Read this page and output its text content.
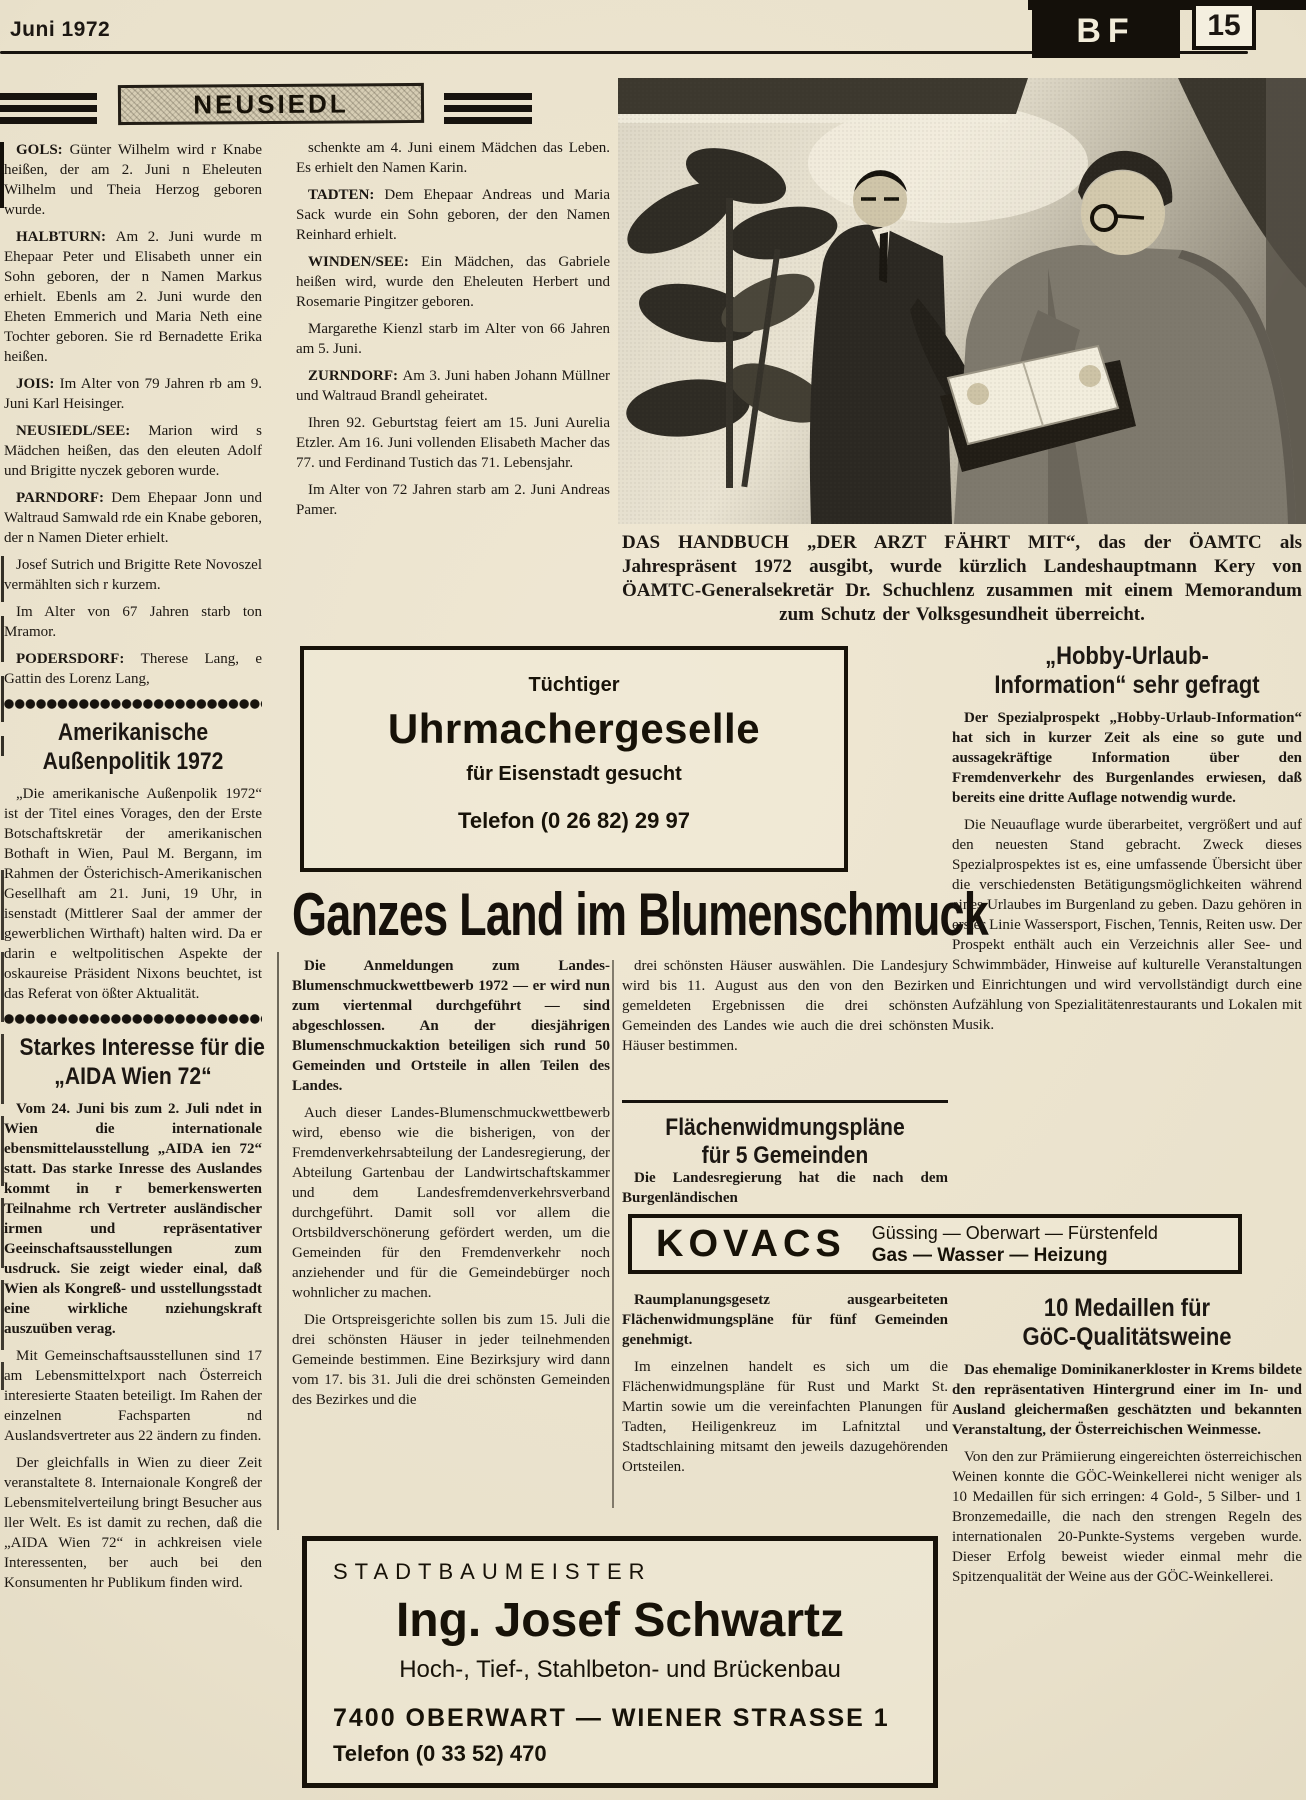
Juni 1972	BF	15
NEUSIEDL
DAS HANDBUCH „DER ARZT FÄHRT MIT“, das der ÖAMTC als Jahrespräsent 1972 ausgibt, wurde kürzlich Landeshauptmann Kery von ÖAMTC-Generalsekretär Dr. Schuchlenz zusammen mit einem Memorandum zum Schutz der Volksgesundheit überreicht.

GOLS: Günter Wilhelm wird r Knabe heißen, der am 2. Juni n Eheleuten Wilhelm und Theia Herzog geboren wurde.

HALBTURN: Am 2. Juni wurde m Ehepaar Peter und Elisabeth unner ein Sohn geboren, der n Namen Markus erhielt. Ebenls am 2. Juni wurde den Eheten Emmerich und Maria Neth eine Tochter geboren. Sie rd Bernadette Erika heißen.

JOIS: Im Alter von 79 Jahren rb am 9. Juni Karl Heisinger.

NEUSIEDL/SEE: Marion wird s Mädchen heißen, das den eleuten Adolf und Brigitte nyczek geboren wurde.

PARNDORF: Dem Ehepaar Jonn und Waltraud Samwald rde ein Knabe geboren, der n Namen Dieter erhielt.

Josef Sutrich und Brigitte Rete Novoszel vermählten sich r kurzem.

Im Alter von 67 Jahren starb ton Mramor.

PODERSDORF: Therese Lang, e Gattin des Lorenz Lang,

Amerikanische
Außenpolitik 1972

„Die amerikanische Außenpolik 1972“ ist der Titel eines Vorages, den der Erste Botschaftskretär der amerikanischen Bothaft in Wien, Paul M. Bergann, im Rahmen der Österichisch-Amerikanischen Gesellhaft am 21. Juni, 19 Uhr, in isenstadt (Mittlerer Saal der ammer der gewerblichen Wirthaft) halten wird. Da er darin e weltpolitischen Aspekte der oskaureise Präsident Nixons beuchtet, ist das Referat von ößter Aktualität.

Starkes Interesse für die
„AIDA Wien 72“

Vom 24. Juni bis zum 2. Juli ndet in Wien die internationale ebensmittelausstellung „AIDA ien 72“ statt. Das starke Inresse des Auslandes kommt in r bemerkenswerten Teilnahme rch Vertreter ausländischer irmen und repräsentativer Geeinschaftsausstellungen zum usdruck. Sie zeigt wieder einal, daß Wien als Kongreß- und usstellungsstadt eine wirkliche nziehungskraft auszuüben verag.

Mit Gemeinschaftsausstellunen sind 17 am Lebensmittelxport nach Österreich interesierte Staaten beteiligt. Im Rahen der einzelnen Fachsparten nd Auslandsvertreter aus 22 ändern zu finden.

Der gleichfalls in Wien zu dieer Zeit veranstaltete 8. Internaionale Kongreß der Lebensmitelverteilung bringt Besucher aus ller Welt. Es ist damit zu rechen, daß die „AIDA Wien 72“ in achkreisen viele Interessenten, ber auch bei den Konsumenten hr Publikum finden wird.

schenkte am 4. Juni einem Mädchen das Leben. Es erhielt den Namen Karin.

TADTEN: Dem Ehepaar Andreas und Maria Sack wurde ein Sohn geboren, der den Namen Reinhard erhielt.

WINDEN/SEE: Ein Mädchen, das Gabriele heißen wird, wurde den Eheleuten Herbert und Rosemarie Pingitzer geboren.

Margarethe Kienzl starb im Alter von 66 Jahren am 5. Juni.

ZURNDORF: Am 3. Juni haben Johann Müllner und Waltraud Brandl geheiratet.

Ihren 92. Geburtstag feiert am 15. Juni Aurelia Etzler. Am 16. Juni vollenden Elisabeth Macher das 77. und Ferdinand Tustich das 71. Lebensjahr.

Im Alter von 72 Jahren starb am 2. Juni Andreas Pamer.

Tüchtiger
Uhrmachergeselle
für Eisenstadt gesucht
Telefon (0 26 82) 29 97
Ganzes Land im Blumenschmuck

Die Anmeldungen zum Landes-Blumenschmuckwettbewerb 1972 — er wird nun zum viertenmal durchgeführt — sind abgeschlossen. An der diesjährigen Blumenschmuckaktion beteiligen sich rund 50 Gemeinden und Ortsteile in allen Teilen des Landes.

Auch dieser Landes-Blumenschmuckwettbewerb wird, ebenso wie die bisherigen, von der Fremdenverkehrsabteilung der Landesregierung, der Abteilung Gartenbau der Landwirtschaftskammer und dem Landesfremdenverkehrsverband durchgeführt. Damit soll vor allem die Ortsbildverschönerung gefördert werden, um die Gemeinden für den Fremdenverkehr noch anziehender und für die Gemeindebürger noch wohnlicher zu machen.

Die Ortspreisgerichte sollen bis zum 15. Juli die drei schönsten Häuser in jeder teilnehmenden Gemeinde bestimmen. Eine Bezirksjury wird dann vom 17. bis 31. Juli die drei schönsten Gemeinden des Bezirkes und die

drei schönsten Häuser auswählen. Die Landesjury wird bis 11. August aus den von den Bezirken gemeldeten Ergebnissen die drei schönsten Gemeinden des Landes wie auch die drei schönsten Häuser bestimmen.

Flächenwidmungspläne
für 5 Gemeinden

Die Landesregierung hat die nach dem Burgenländischen

Raumplanungsgesetz ausgearbeiteten Flächenwidmungspläne für fünf Gemeinden genehmigt.

Im einzelnen handelt es sich um die Flächenwidmungspläne für Rust und Markt St. Martin sowie um die vereinfachten Planungen für Tadten, Heiligenkreuz im Lafnitztal und Stadtschlaining mitsamt den jeweils dazugehörenden Ortsteilen.

KOVACS Güssing — Oberwart — Fürstenfeld
Gas — Wasser — Heizung
„Hobby-Urlaub-
Information“ sehr gefragt

Der Spezialprospekt „Hobby-Urlaub-Information“ hat sich in kurzer Zeit als eine so gute und aussagekräftige Information über den Fremdenverkehr des Burgenlandes erwiesen, daß bereits eine dritte Auflage notwendig wurde.

Die Neuauflage wurde überarbeitet, vergrößert und auf den neuesten Stand gebracht. Zweck dieses Spezialprospektes ist es, eine umfassende Übersicht über die verschiedensten Betätigungsmöglichkeiten während eines Urlaubes im Burgenland zu geben. Dazu gehören in erster Linie Wassersport, Fischen, Tennis, Reiten usw. Der Prospekt enthält auch ein Verzeichnis aller See- und Schwimmbäder, Hinweise auf kulturelle Veranstaltungen und Einrichtungen und wird vervollständigt durch eine Aufzählung von Spezialitätenrestaurants und Lokalen mit Musik.

10 Medaillen für
GöC-Qualitätsweine

Das ehemalige Dominikanerkloster in Krems bildete den repräsentativen Hintergrund einer im In- und Ausland gleichermaßen geschätzten und bekannten Veranstaltung, der Österreichischen Weinmesse.

Von den zur Prämiierung eingereichten österreichischen Weinen konnte die GÖC-Weinkellerei nicht weniger als 10 Medaillen für sich erringen: 4 Gold-, 5 Silber- und 1 Bronzemedaille, die nach den strengen Regeln des internationalen 20-Punkte-Systems vergeben wurde. Dieser Erfolg beweist wieder einmal mehr die Spitzenqualität der Weine aus der GÖC-Weinkellerei.

STADTBAUMEISTER
Ing. Josef Schwartz
Hoch-, Tief-, Stahlbeton- und Brückenbau
7400 OBERWART — WIENER STRASSE 1
Telefon (0 33 52) 470
